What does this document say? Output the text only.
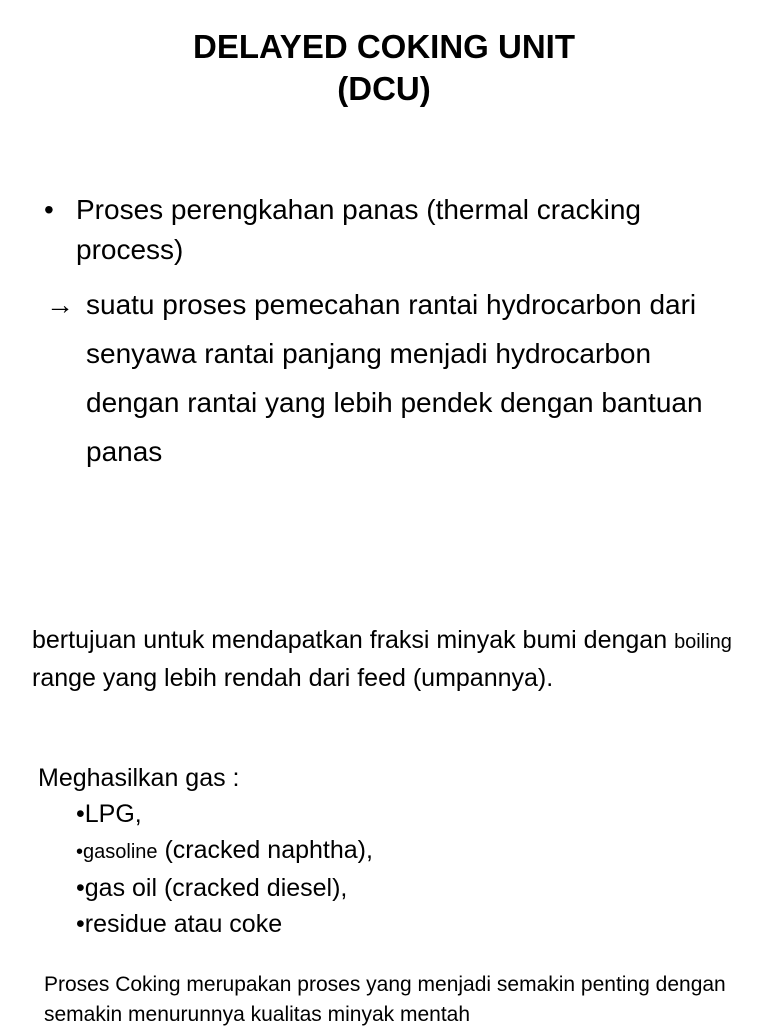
DELAYED COKING UNIT
(DCU)
• Proses perengkahan panas (thermal cracking process)
→ suatu proses pemecahan rantai hydrocarbon dari senyawa rantai panjang menjadi hydrocarbon dengan rantai yang lebih pendek dengan bantuan panas
bertujuan untuk mendapatkan fraksi minyak bumi dengan boiling range yang lebih rendah dari feed (umpannya).
Meghasilkan gas :
•LPG,
•gasoline (cracked naphtha),
•gas oil (cracked diesel),
•residue atau coke
Proses Coking merupakan proses yang menjadi semakin penting dengan semakin menurunnya kualitas minyak mentah
